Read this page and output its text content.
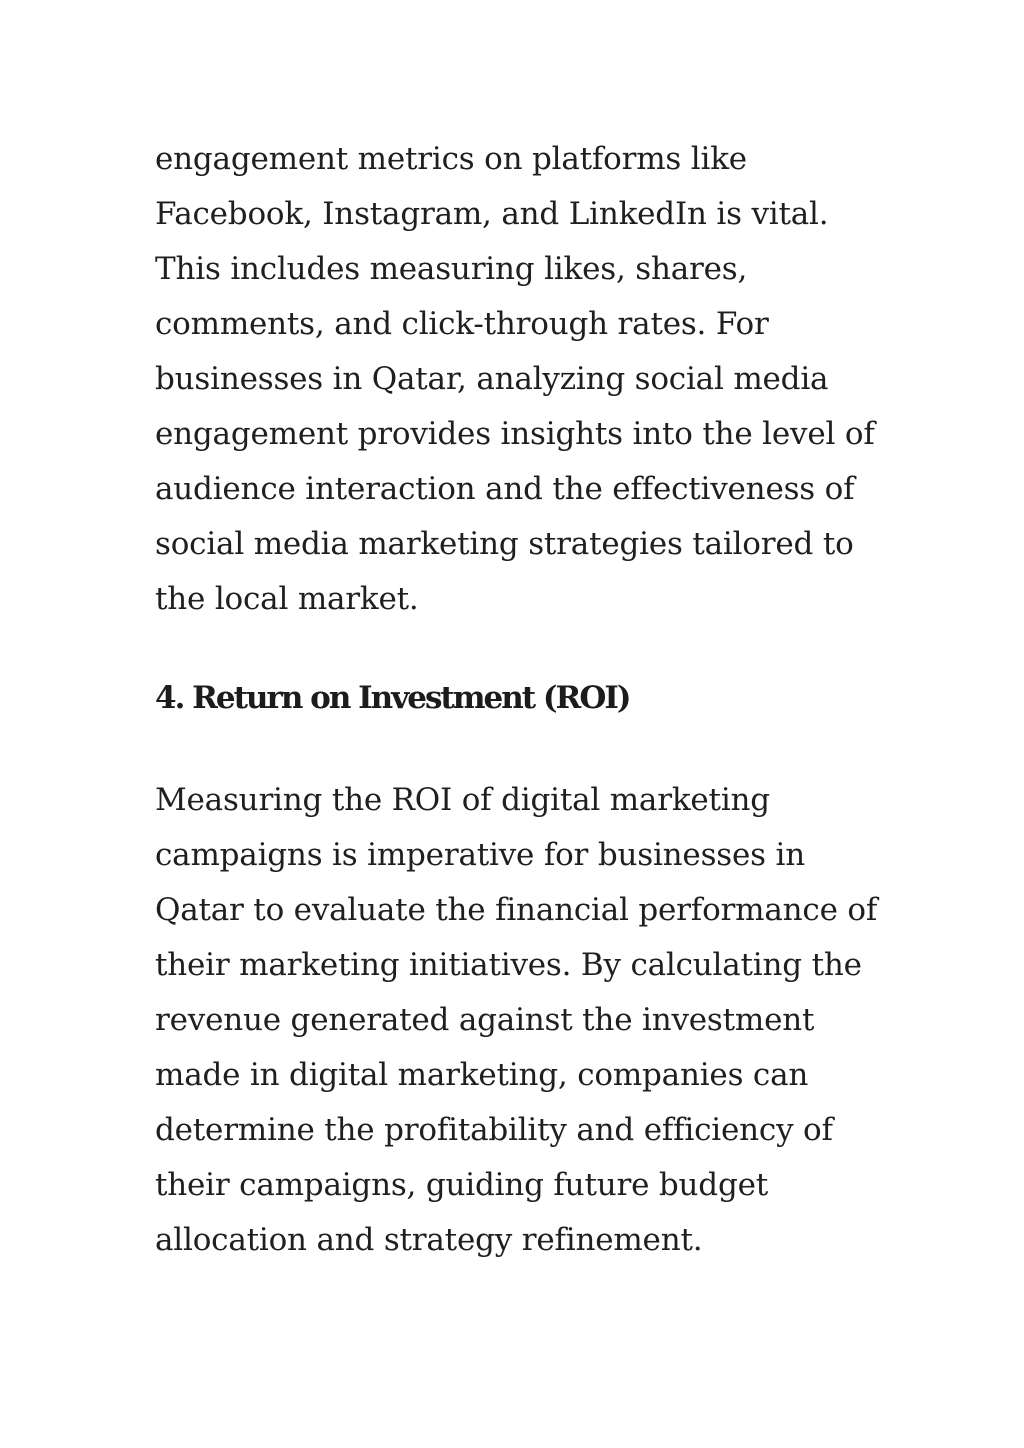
engagement metrics on platforms like
Facebook, Instagram, and LinkedIn is vital.
This includes measuring likes, shares,
comments, and click-through rates. For
businesses in Qatar, analyzing social media
engagement provides insights into the level of
audience interaction and the effectiveness of
social media marketing strategies tailored to
the local market.

4. Return on Investment (ROI)

Measuring the ROI of digital marketing
campaigns is imperative for businesses in
Qatar to evaluate the financial performance of
their marketing initiatives. By calculating the
revenue generated against the investment
made in digital marketing, companies can
determine the profitability and efficiency of
their campaigns, guiding future budget
allocation and strategy refinement.
